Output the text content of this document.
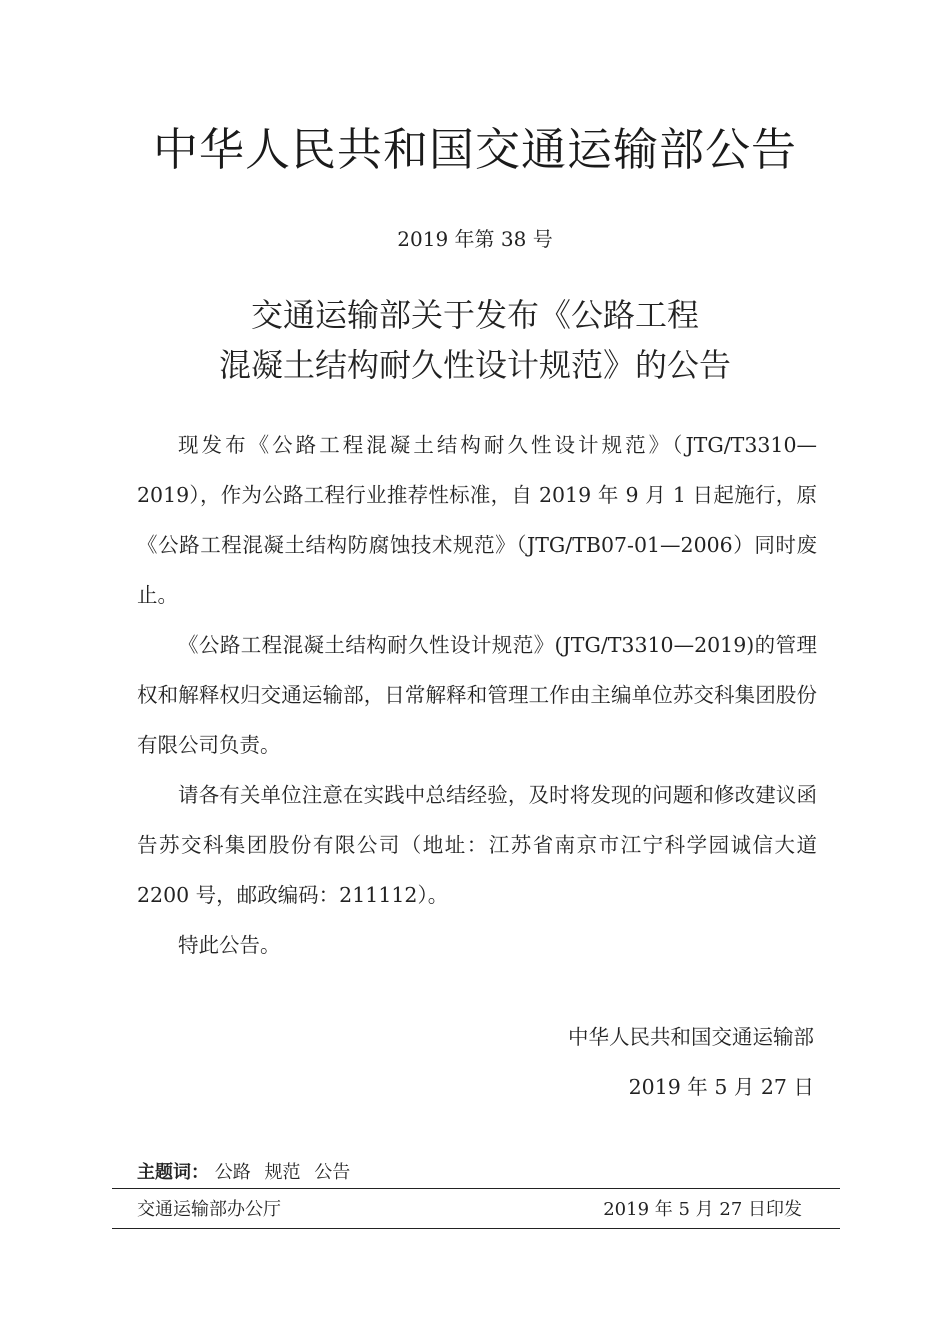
中华人民共和国交通运输部公告
2019 年第 38 号
交通运输部关于发布《公路工程
混凝土结构耐久性设计规范》的公告

现发布《公路工程混凝土结构耐久性设计规范》（JTG/T3310—2019），作为公路工程行业推荐性标准，自 2019 年 9 月 1 日起施行，原《公路工程混凝土结构防腐蚀技术规范》（JTG/TB07-01—2006）同时废止。

《公路工程混凝土结构耐久性设计规范》(JTG/T3310—2019)的管理权和解释权归交通运输部，日常解释和管理工作由主编单位苏交科集团股份有限公司负责。

请各有关单位注意在实践中总结经验，及时将发现的问题和修改建议函告苏交科集团股份有限公司（地址：江苏省南京市江宁科学园诚信大道 2200 号，邮政编码：211112）。

特此公告。

中华人民共和国交通运输部
2019 年 5 月 27 日
主题词： 公路 规范 公告
交通运输部办公厅	2019 年 5 月 27 日印发
